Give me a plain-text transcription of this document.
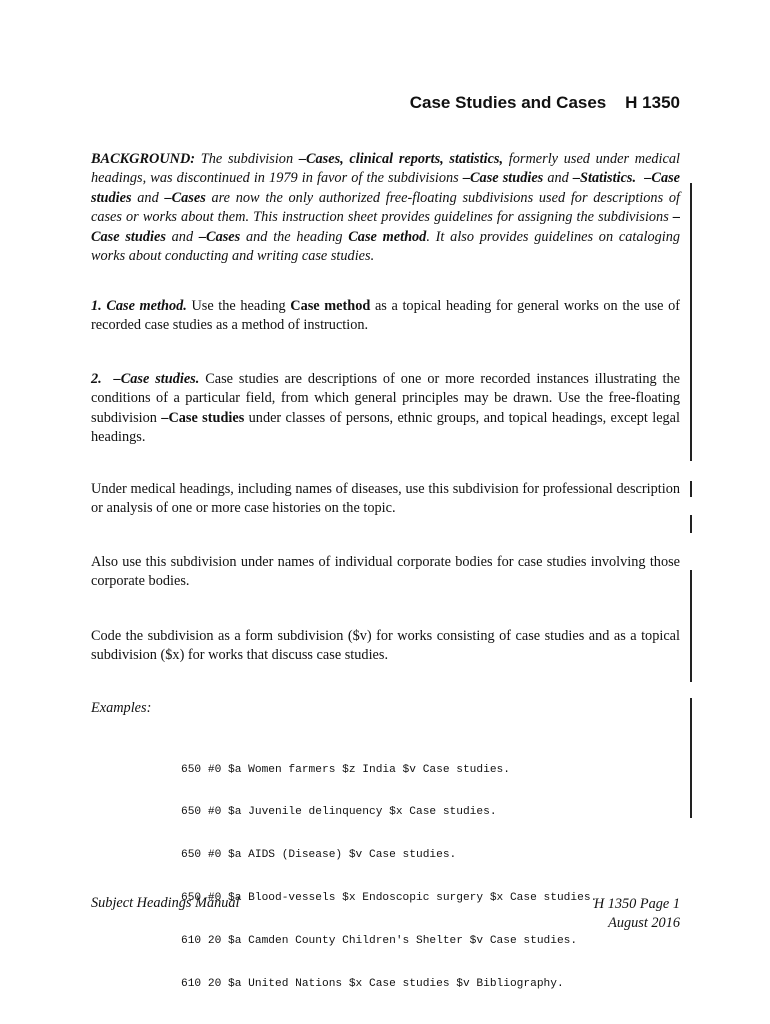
Case Studies and Cases H 1350
BACKGROUND: The subdivision –Cases, clinical reports, statistics, formerly used under medical headings, was discontinued in 1979 in favor of the subdivisions –Case studies and –Statistics. –Case studies and –Cases are now the only authorized free-floating subdivisions used for descriptions of cases or works about them. This instruction sheet provides guidelines for assigning the subdivisions –Case studies and –Cases and the heading Case method. It also provides guidelines on cataloging works about conducting and writing case studies.
1. Case method. Use the heading Case method as a topical heading for general works on the use of recorded case studies as a method of instruction.
2.  –Case studies. Case studies are descriptions of one or more recorded instances illustrating the conditions of a particular field, from which general principles may be drawn. Use the free-floating subdivision –Case studies under classes of persons, ethnic groups, and topical headings, except legal headings.
Under medical headings, including names of diseases, use this subdivision for professional description or analysis of one or more case histories on the topic.
Also use this subdivision under names of individual corporate bodies for case studies involving those corporate bodies.
Code the subdivision as a form subdivision ($v) for works consisting of case studies and as a topical subdivision ($x) for works that discuss case studies.
Examples:

650 #0 $a Women farmers $z India $v Case studies.

650 #0 $a Juvenile delinquency $x Case studies.

650 #0 $a AIDS (Disease) $v Case studies.

650 #0 $a Blood-vessels $x Endoscopic surgery $x Case studies.

610 20 $a Camden County Children's Shelter $v Case studies.

610 20 $a United Nations $x Case studies $v Bibliography.

Subject Headings Manual	H 1350 Page 1
August 2016
